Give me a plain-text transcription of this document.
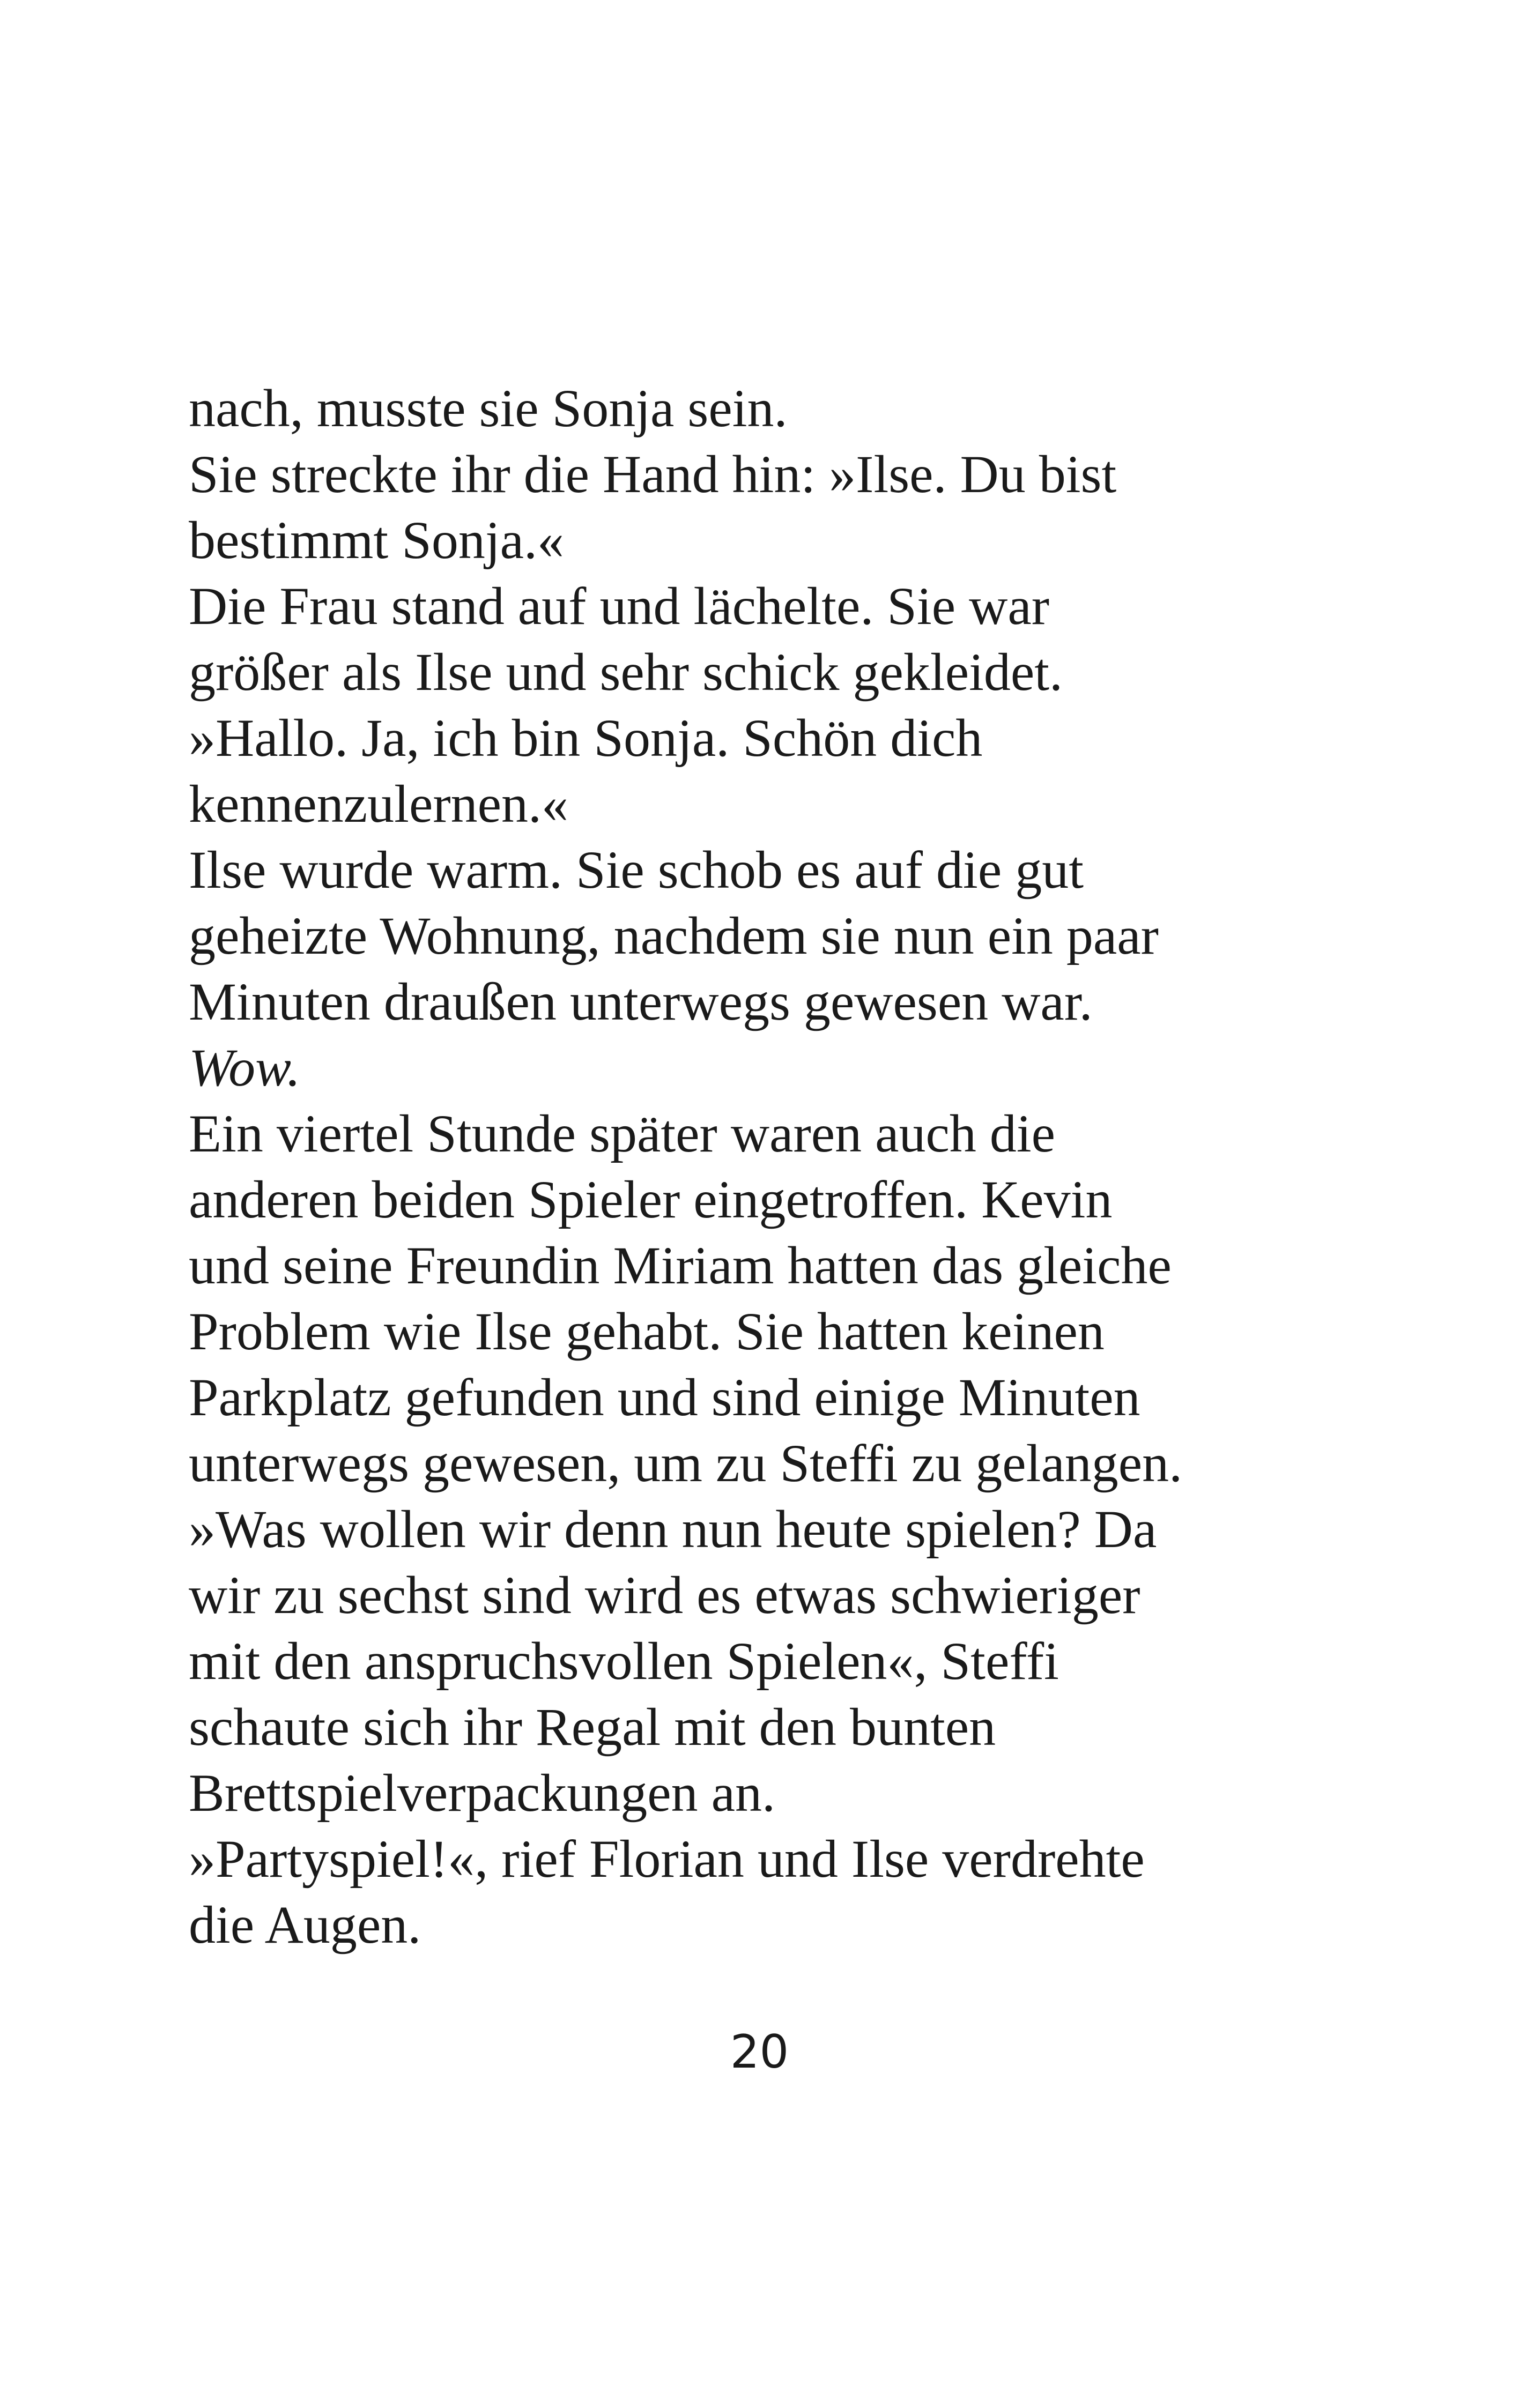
nach, musste sie Sonja sein.
Sie streckte ihr die Hand hin: »Ilse. Du bist
bestimmt Sonja.«
Die Frau stand auf und lächelte. Sie war
größer als Ilse und sehr schick gekleidet.
»Hallo. Ja, ich bin Sonja. Schön dich
kennenzulernen.«
Ilse wurde warm. Sie schob es auf die gut
geheizte Wohnung, nachdem sie nun ein paar
Minuten draußen unterwegs gewesen war.
Wow.
Ein viertel Stunde später waren auch die
anderen beiden Spieler eingetroffen. Kevin
und seine Freundin Miriam hatten das gleiche
Problem wie Ilse gehabt. Sie hatten keinen
Parkplatz gefunden und sind einige Minuten
unterwegs gewesen, um zu Steffi zu gelangen.
»Was wollen wir denn nun heute spielen? Da
wir zu sechst sind wird es etwas schwieriger
mit den anspruchsvollen Spielen«, Steffi
schaute sich ihr Regal mit den bunten
Brettspielverpackungen an.
»Partyspiel!«, rief Florian und Ilse verdrehte
die Augen.
20
